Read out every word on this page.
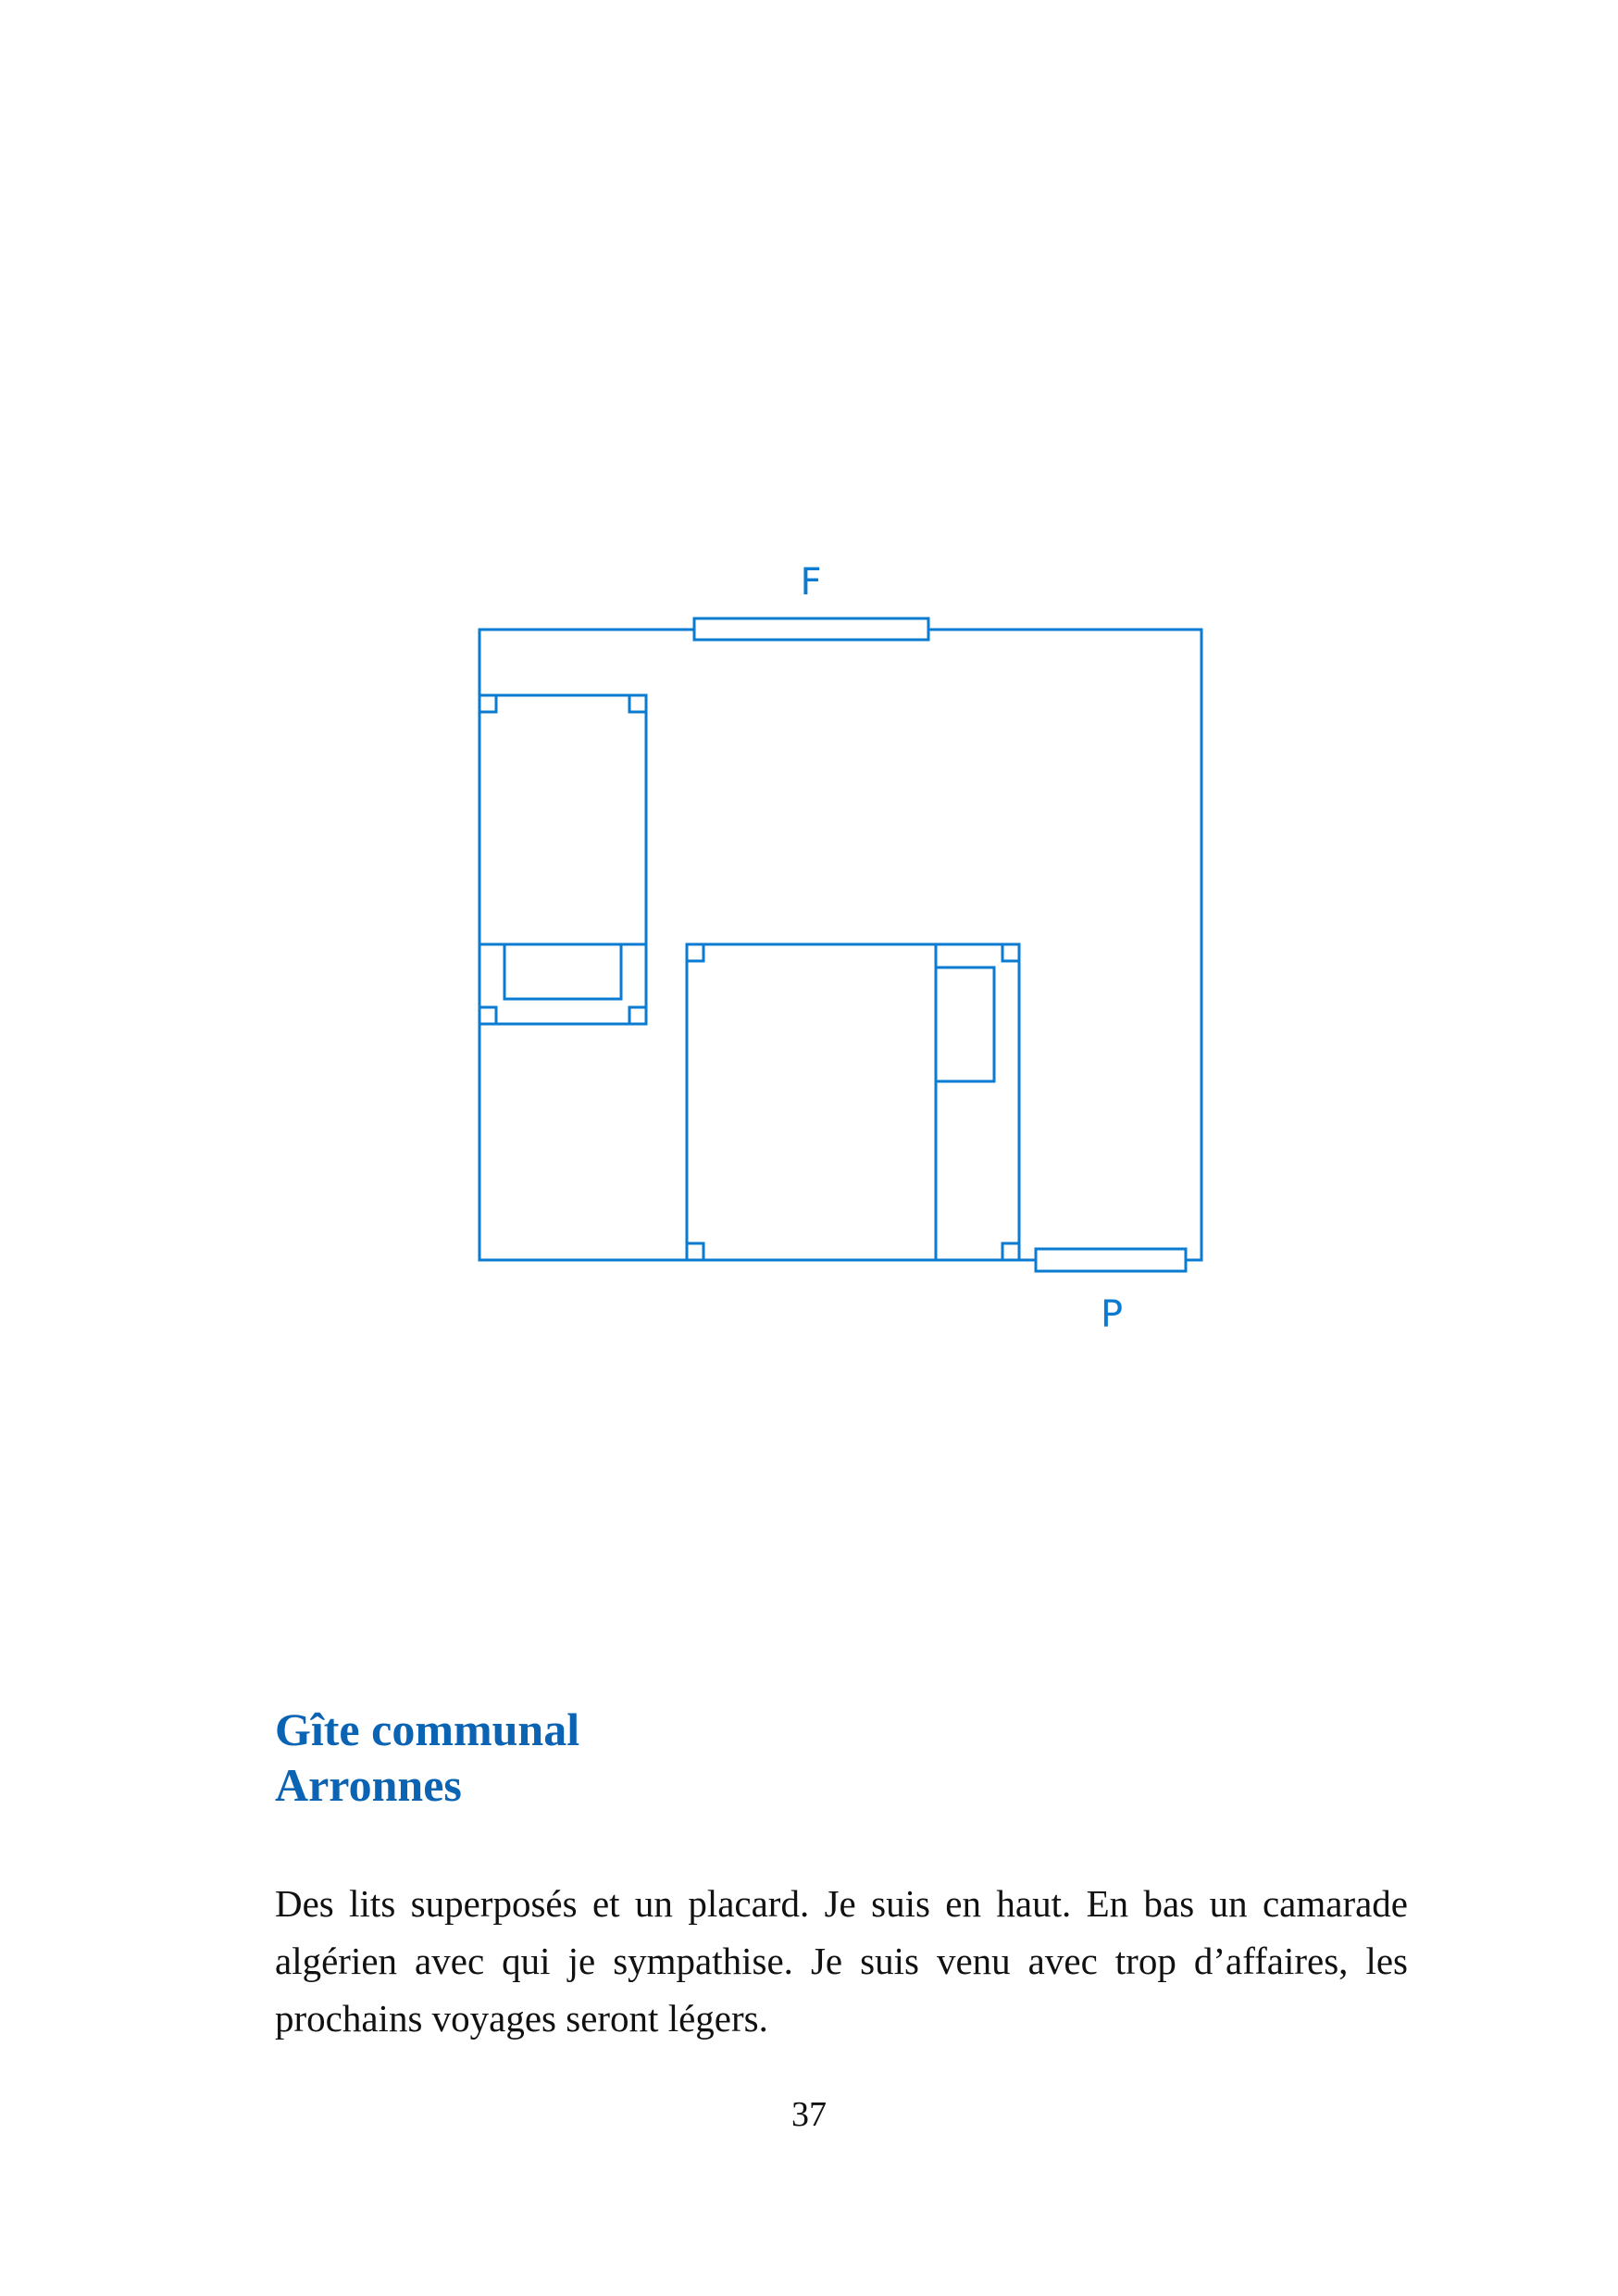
F
P
Gîte communal
Arronnes
Des lits superposés et un placard. Je suis en haut. En bas un camarade
algérien avec qui je sympathise. Je suis venu avec trop d’affaires, les
prochains voyages seront légers.
37
